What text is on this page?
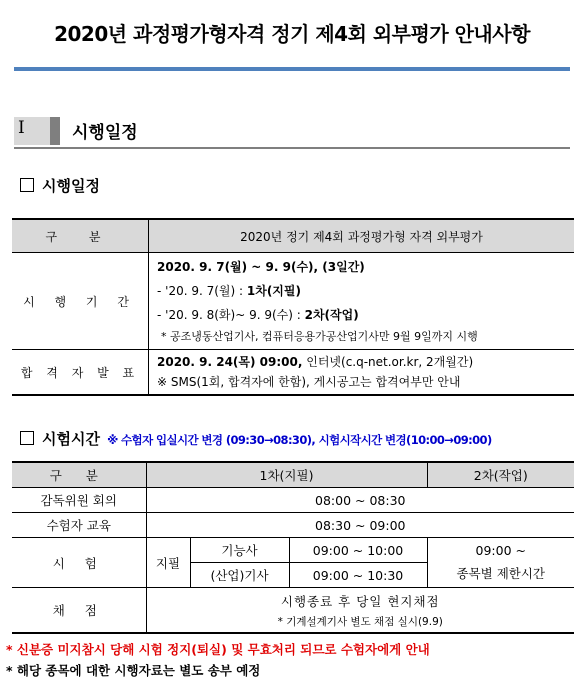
2020년 과정평가형자격 정기 제4회 외부평가 안내사항
I	시행일정
시행일정
구 분	2020년 정기 제4회 과정평가형 자격 외부평가
시 행 기 간	2020. 9. 7(월) ~ 9. 9(수), (3일간)
- '20. 9. 7(월) : 1차(지필)
- '20. 9. 8(화)~ 9. 9(수) : 2차(작업)
* 공조냉동산업기사, 컴퓨터응용가공산업기사만 9월 9일까지 시행

합 격 자 발 표	2020. 9. 24(목) 09:00, 인터넷(c.q-net.or.kr, 2개월간)
※ SMS(1회, 합격자에 한함), 게시공고는 합격여부만 안내
시험시간 ※ 수험자 입실시간 변경 (09:30→08:30), 시험시작시간 변경(10:00→09:00)
구 분	1차(지필)			2차(작업)
감독위원 회의	08:00 ~ 08:30			
수험자 교육	08:30 ~ 09:00			
시 험	지필	기능사	09:00 ~ 10:00	09:00 ~
종목별 제한시간

		(산업)기사	09:00 ~ 10:30	
채 점	시행종료 후 당일 현지채점
* 기계설계기사 별도 채점 실시(9.9)			
* 신분증 미지참시 당해 시험 정지(퇴실) 및 무효처리 되므로 수험자에게 안내
* 해당 종목에 대한 시행자료는 별도 송부 예정
